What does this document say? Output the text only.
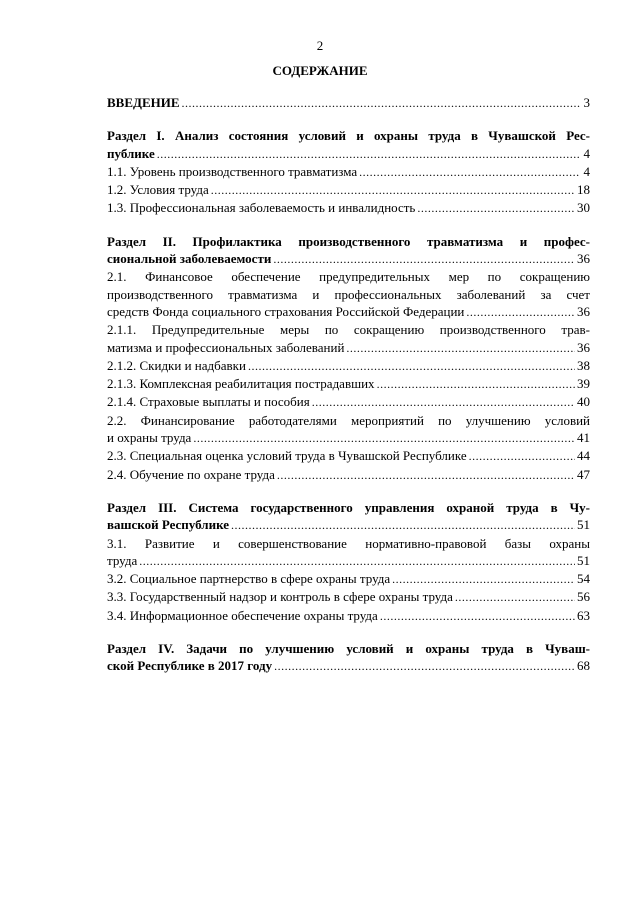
2
СОДЕРЖАНИЕ
ВВЕДЕНИЕ .....	3
Раздел I. Анализ состояния условий и охраны труда в Чувашской Рес-
публике .....	4
1.1. Уровень производственного травматизма .....	4
1.2. Условия труда .....	18
1.3. Профессиональная заболеваемость и инвалидность .....	30
Раздел II. Профилактика производственного травматизма и профес-
сиональной заболеваемости .....	36
2.1. Финансовое обеспечение предупредительных мер по сокращению
производственного травматизма и профессиональных заболеваний за счет
средств Фонда социального страхования Российской Федерации .....	36
2.1.1. Предупредительные меры по сокращению производственного трав-
матизма и профессиональных заболеваний .....	36
2.1.2. Скидки и надбавки .....	38
2.1.3. Комплексная реабилитация пострадавших .....	39
2.1.4. Страховые выплаты и пособия .....	40
2.2. Финансирование работодателями мероприятий по улучшению условий
и охраны труда .....	41
2.3. Специальная оценка условий труда в Чувашской Республике .....	44
2.4. Обучение по охране труда .....	47
Раздел III. Система государственного управления охраной труда в Чу-
вашской Республике .....	51
3.1. Развитие и совершенствование нормативно-правовой базы охраны
труда .....	51
3.2. Социальное партнерство в сфере охраны труда .....	54
3.3. Государственный надзор и контроль в сфере охраны труда .....	56
3.4. Информационное обеспечение охраны труда .....	63
Раздел IV. Задачи по улучшению условий и охраны труда в Чуваш-
ской Республике в 2017 году .....	68
